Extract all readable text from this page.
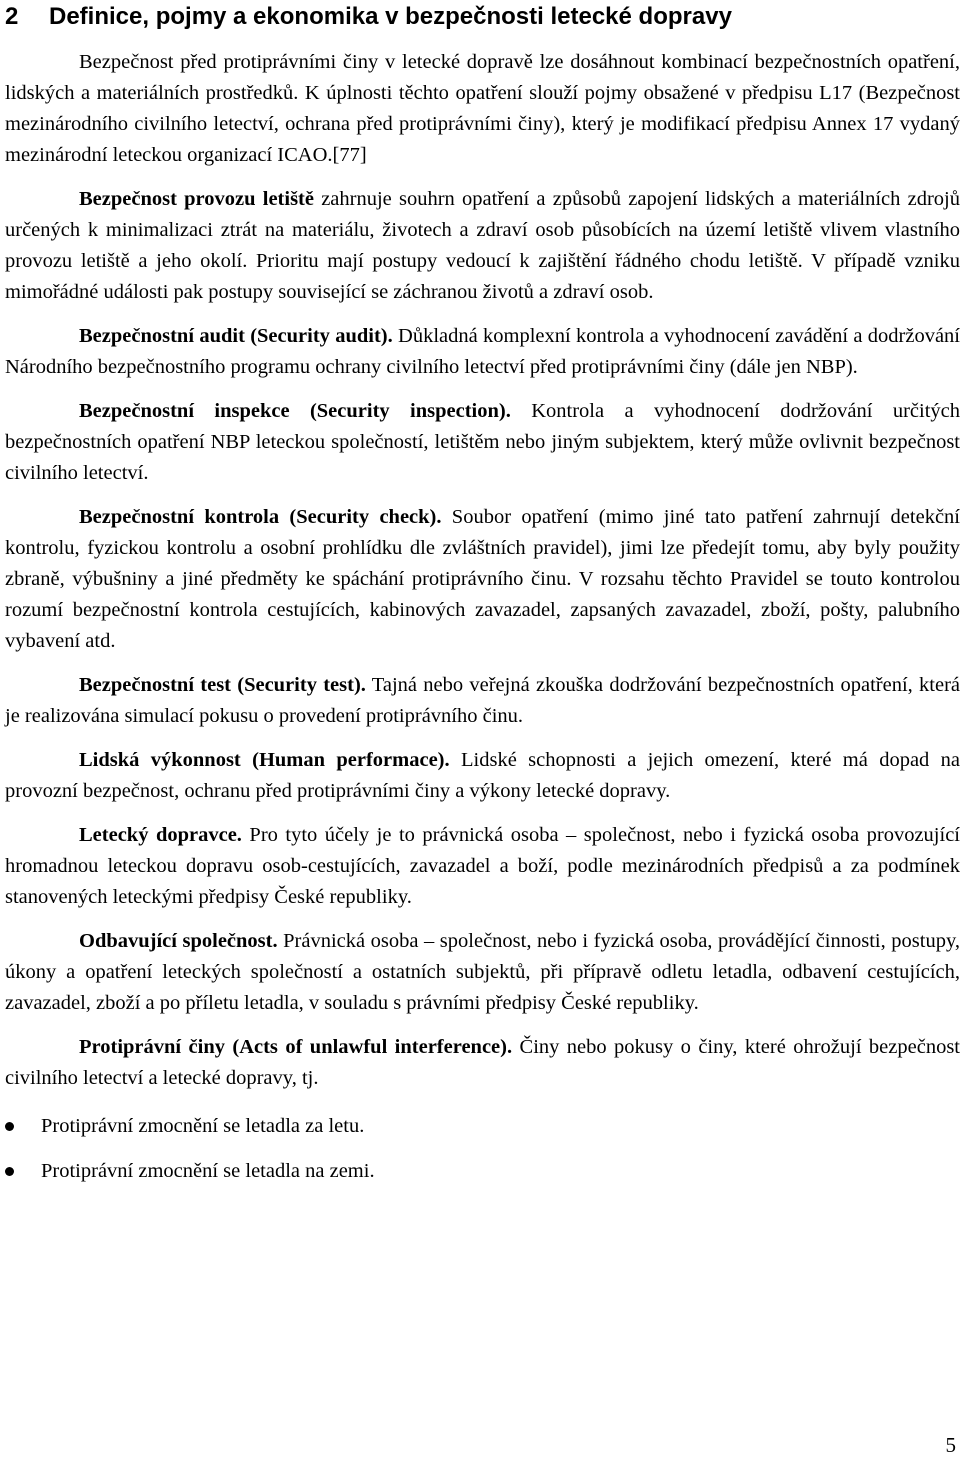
2 Definice, pojmy a ekonomika v bezpečnosti letecké dopravy

Bezpečnost před protiprávními činy v letecké dopravě lze dosáhnout kombinací bezpečnostních opatření, lidských a materiálních prostředků. K úplnosti těchto opatření slouží pojmy obsažené v předpisu L17 (Bezpečnost mezinárodního civilního letectví, ochrana před protiprávními činy), který je modifikací předpisu Annex 17 vydaný mezinárodní leteckou organizací ICAO.[77]

Bezpečnost provozu letiště zahrnuje souhrn opatření a způsobů zapojení lidských a materiálních zdrojů určených k minimalizaci ztrát na materiálu, životech a zdraví osob působících na území letiště vlivem vlastního provozu letiště a jeho okolí. Prioritu mají postupy vedoucí k zajištění řádného chodu letiště. V případě vzniku mimořádné události pak postupy související se záchranou životů a zdraví osob.

Bezpečnostní audit (Security audit). Důkladná komplexní kontrola a vyhodnocení zavádění a dodržování Národního bezpečnostního programu ochrany civilního letectví před protiprávními činy (dále jen NBP).

Bezpečnostní inspekce (Security inspection). Kontrola a vyhodnocení dodržování určitých bezpečnostních opatření NBP leteckou společností, letištěm nebo jiným subjektem, který může ovlivnit bezpečnost civilního letectví.

Bezpečnostní kontrola (Security check). Soubor opatření (mimo jiné tato patření zahrnují detekční kontrolu, fyzickou kontrolu a osobní prohlídku dle zvláštních pravidel), jimi lze předejít tomu, aby byly použity zbraně, výbušniny a jiné předměty ke spáchání protiprávního činu. V rozsahu těchto Pravidel se touto kontrolou rozumí bezpečnostní kontrola cestujících, kabinových zavazadel, zapsaných zavazadel, zboží, pošty, palubního vybavení atd.

Bezpečnostní test (Security test). Tajná nebo veřejná zkouška dodržování bezpečnostních opatření, která je realizována simulací pokusu o provedení protiprávního činu.

Lidská výkonnost (Human performace). Lidské schopnosti a jejich omezení, které má dopad na provozní bezpečnost, ochranu před protiprávními činy a výkony letecké dopravy.

Letecký dopravce. Pro tyto účely je to právnická osoba – společnost, nebo i fyzická osoba provozující hromadnou leteckou dopravu osob-cestujících, zavazadel a boží, podle mezinárodních předpisů a za podmínek stanovených leteckými předpisy České republiky.

Odbavující společnost. Právnická osoba – společnost, nebo i fyzická osoba, provádějící činnosti, postupy, úkony a opatření leteckých společností a ostatních subjektů, při přípravě odletu letadla, odbavení cestujících, zavazadel, zboží a po příletu letadla, v souladu s právními předpisy České republiky.

Protiprávní činy (Acts of unlawful interference). Činy nebo pokusy o činy, které ohrožují bezpečnost civilního letectví a letecké dopravy, tj.

Protiprávní zmocnění se letadla za letu.
Protiprávní zmocnění se letadla na zemi.
5
